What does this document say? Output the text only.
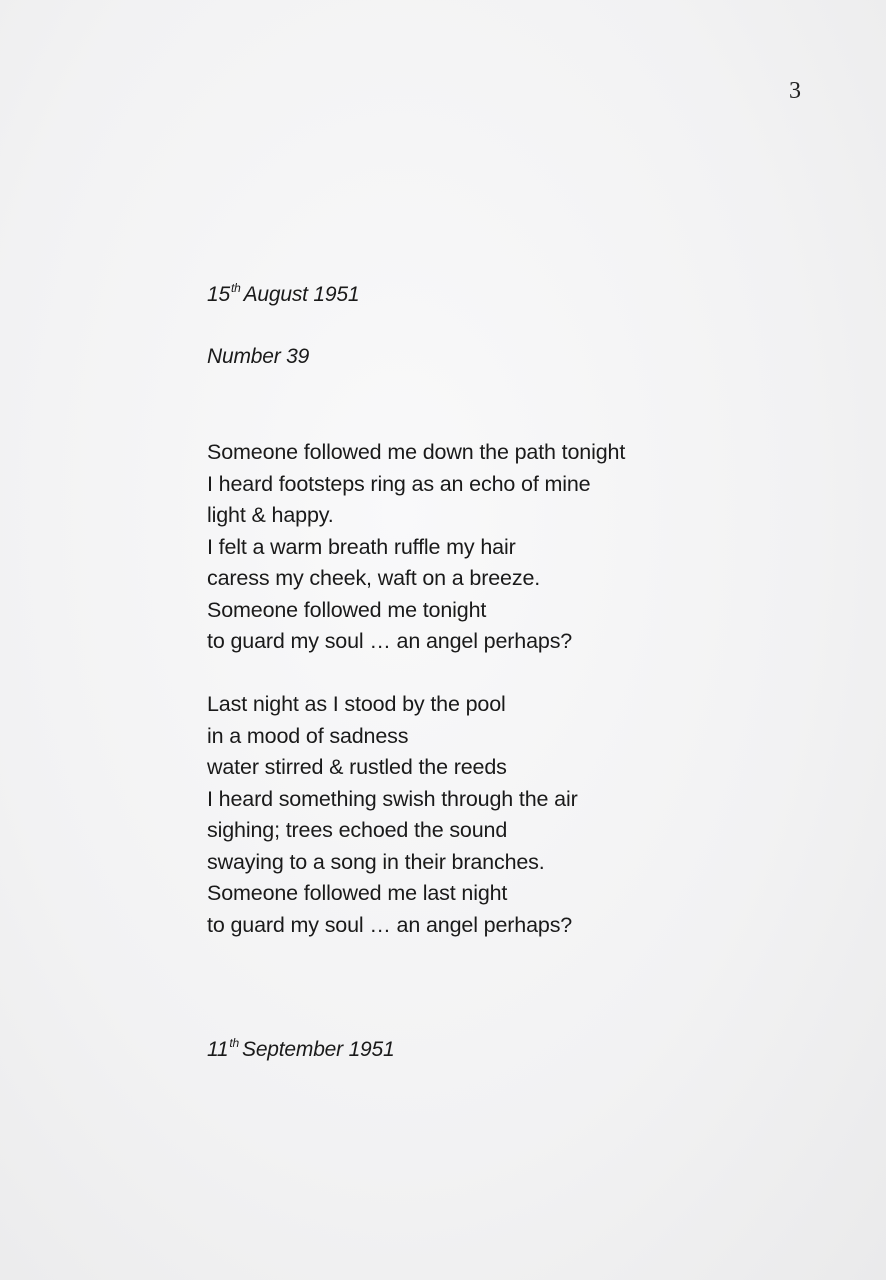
3
15th August 1951
Number 39
Someone followed me down the path tonight
I heard footsteps ring as an echo of mine
light & happy.
I felt a warm breath ruffle my hair
caress my cheek, waft on a breeze.
Someone followed me tonight
to guard my soul … an angel perhaps?
Last night as I stood by the pool
in a mood of sadness
water stirred & rustled the reeds
I heard something swish through the air
sighing; trees echoed the sound
swaying to a song in their branches.
Someone followed me last night
to guard my soul … an angel perhaps?
11th September 1951
